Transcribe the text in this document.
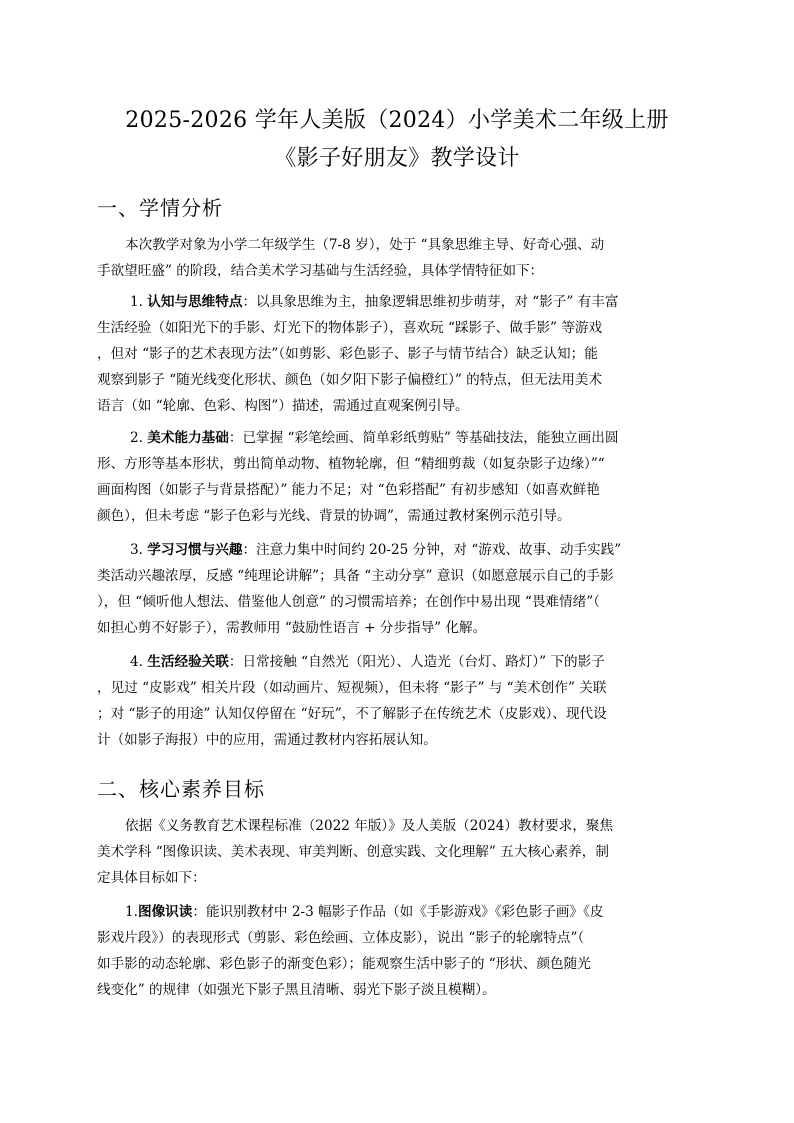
2025-2026 学年人美版（2024）小学美术二年级上册
《影子好朋友》教学设计
一、学情分析
本次教学对象为小学二年级学生（7-8 岁），处于 “具象思维主导、好奇心强、动
手欲望旺盛” 的阶段，结合美术学习基础与生活经验，具体学情特征如下：
1. 认知与思维特点：以具象思维为主，抽象逻辑思维初步萌芽，对 “影子” 有丰富
生活经验（如阳光下的手影、灯光下的物体影子），喜欢玩 “踩影子、做手影” 等游戏
，但对 “影子的艺术表现方法”（如剪影、彩色影子、影子与情节结合）缺乏认知；能
观察到影子 “随光线变化形状、颜色（如夕阳下影子偏橙红）” 的特点，但无法用美术
语言（如 “轮廓、色彩、构图”）描述，需通过直观案例引导。
2. 美术能力基础：已掌握 “彩笔绘画、简单彩纸剪贴” 等基础技法，能独立画出圆
形、方形等基本形状，剪出简单动物、植物轮廓，但 “精细剪裁（如复杂影子边缘）”“
画面构图（如影子与背景搭配）” 能力不足；对 “色彩搭配” 有初步感知（如喜欢鲜艳
颜色），但未考虑 “影子色彩与光线、背景的协调”，需通过教材案例示范引导。
3. 学习习惯与兴趣：注意力集中时间约 20-25 分钟，对 “游戏、故事、动手实践”
类活动兴趣浓厚，反感 “纯理论讲解”；具备 “主动分享” 意识（如愿意展示自己的手影
），但 “倾听他人想法、借鉴他人创意” 的习惯需培养；在创作中易出现 “畏难情绪”（
如担心剪不好影子），需教师用 “鼓励性语言 + 分步指导” 化解。
4. 生活经验关联：日常接触 “自然光（阳光）、人造光（台灯、路灯）” 下的影子
，见过 “皮影戏” 相关片段（如动画片、短视频），但未将 “影子” 与 “美术创作” 关联
；对 “影子的用途” 认知仅停留在 “好玩”，不了解影子在传统艺术（皮影戏）、现代设
计（如影子海报）中的应用，需通过教材内容拓展认知。
二、核心素养目标
依据《义务教育艺术课程标准（2022 年版）》及人美版（2024）教材要求，聚焦
美术学科 “图像识读、美术表现、审美判断、创意实践、文化理解” 五大核心素养，制
定具体目标如下：
1.图像识读：能识别教材中 2-3 幅影子作品（如《手影游戏》《彩色影子画》《皮
影戏片段》）的表现形式（剪影、彩色绘画、立体皮影），说出 “影子的轮廓特点”（
如手影的动态轮廓、彩色影子的渐变色彩）；能观察生活中影子的 “形状、颜色随光
线变化” 的规律（如强光下影子黑且清晰、弱光下影子淡且模糊）。
